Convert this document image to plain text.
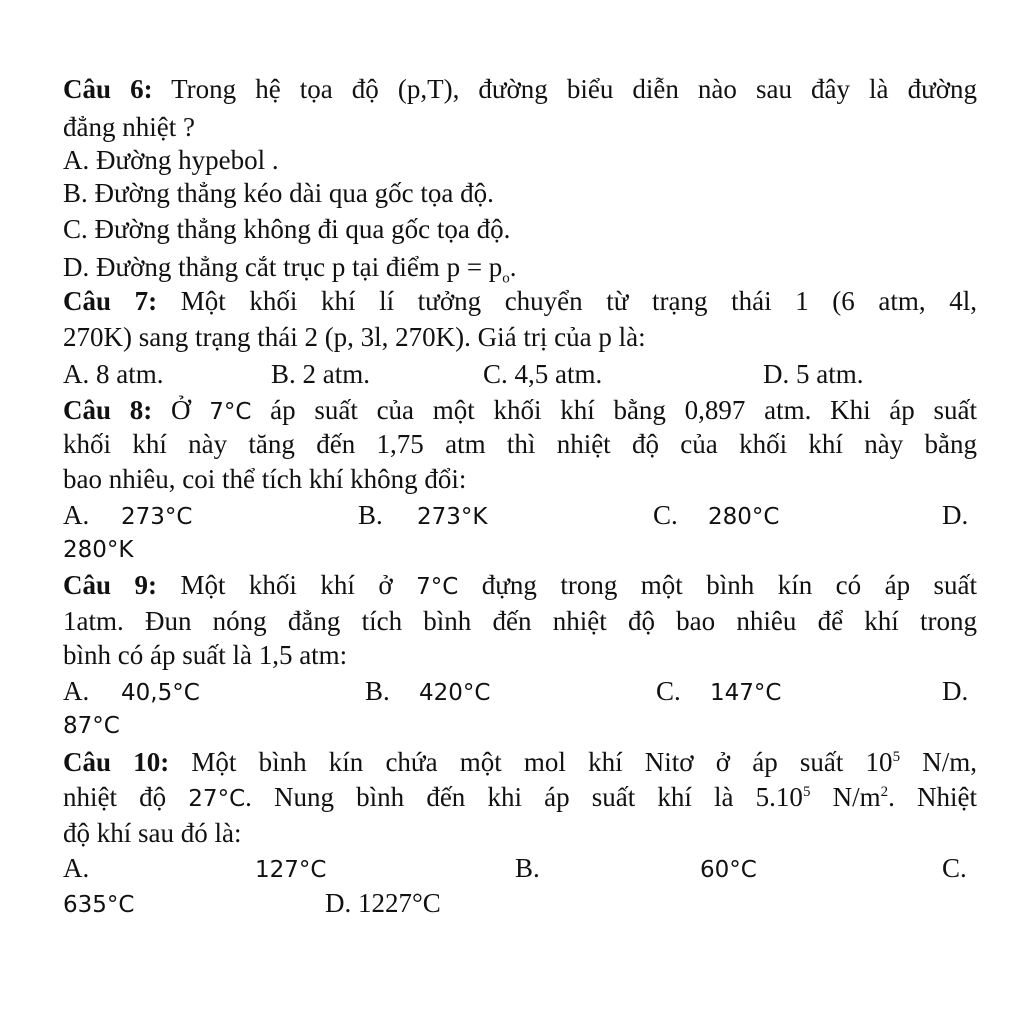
Câu 6: Trong hệ tọa độ (p,T), đường biểu diễn nào sau đây là đường
đẳng nhiệt ?
A. Đường hypebol .
B. Đường thẳng kéo dài qua gốc tọa độ.
C. Đường thẳng không đi qua gốc tọa độ.
D. Đường thẳng cắt trục p tại điểm $p = p_o$.
Câu 7: Một khối khí lí tưởng chuyển từ trạng thái 1 (6 atm, 4l,
270K) sang trạng thái 2 (p, 3l, 270K). Giá trị của p là:
A. 8 atm.	B. 2 atm.	C. 4,5 atm.	D. 5 atm.
Câu 8: Ở 7°C áp suất của một khối khí bằng 0,897 atm. Khi áp suất
khối khí này tăng đến 1,75 atm thì nhiệt độ của khối khí này bằng
bao nhiêu, coi thể tích khí không đổi:
A. 273°C	B. 273°K	C. 280°C	D.
280°K
Câu 9: Một khối khí ở 7°C đựng trong một bình kín có áp suất
1atm. Đun nóng đẳng tích bình đến nhiệt độ bao nhiêu để khí trong
bình có áp suất là 1,5 atm:
A. 40,5°C	B. 420°C	C. 147°C	D.
87°C
Câu 10: Một bình kín chứa một mol khí Nitơ ở áp suất $10^5$ N/m,
nhiệt độ 27°C. Nung bình đến khi áp suất khí là 5.10$^5$ $N/m^2$. Nhiệt
độ khí sau đó là:
A.	127°C	B.	60°C	C.
635°C	D. 1227°C
